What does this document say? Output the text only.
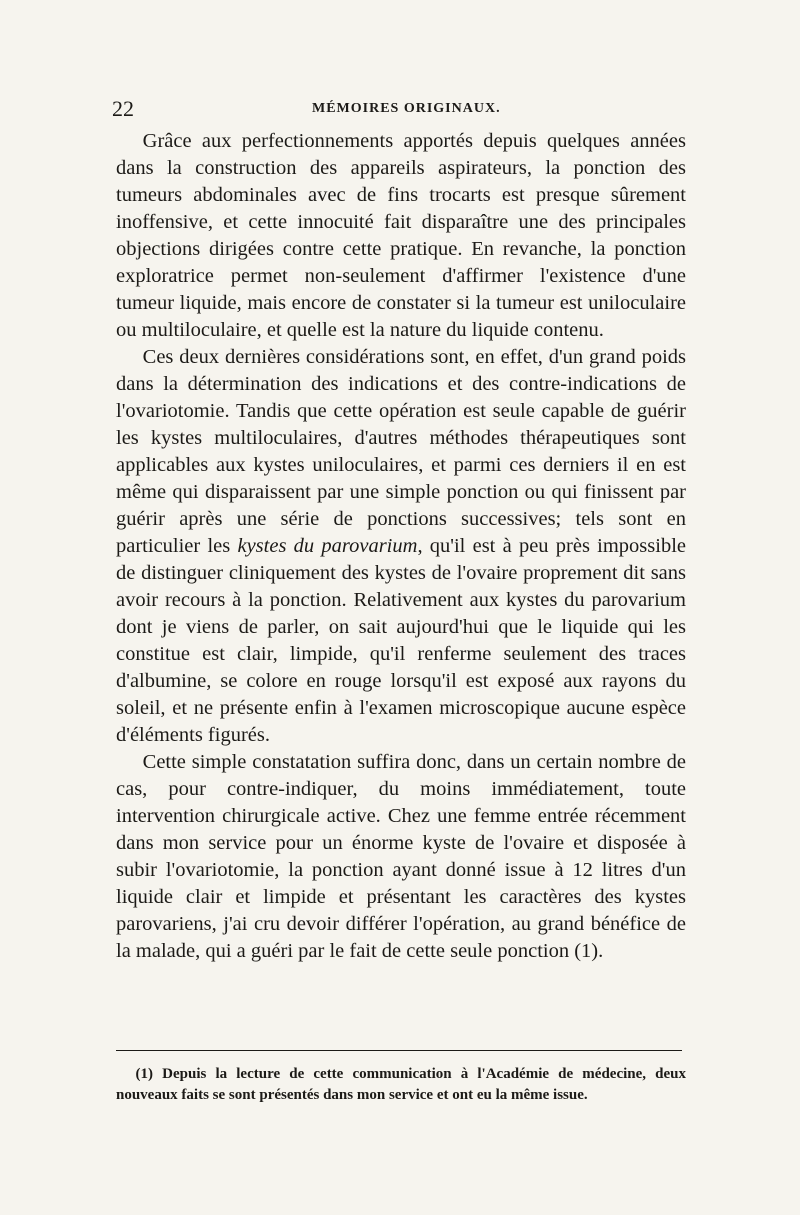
22	MÉMOIRES ORIGINAUX.

Grâce aux perfectionnements apportés depuis quelques années dans la construction des appareils aspirateurs, la ponction des tumeurs abdominales avec de fins trocarts est presque sûrement inoffensive, et cette innocuité fait disparaître une des principales objections dirigées contre cette pratique. En revanche, la ponction exploratrice permet non-seulement d'affirmer l'existence d'une tumeur liquide, mais encore de constater si la tumeur est uniloculaire ou multiloculaire, et quelle est la nature du liquide contenu.

Ces deux dernières considérations sont, en effet, d'un grand poids dans la détermination des indications et des contre-indications de l'ovariotomie. Tandis que cette opération est seule capable de guérir les kystes multiloculaires, d'autres méthodes thérapeutiques sont applicables aux kystes uniloculaires, et parmi ces derniers il en est même qui disparaissent par une simple ponction ou qui finissent par guérir après une série de ponctions successives; tels sont en particulier les kystes du parovarium, qu'il est à peu près impossible de distinguer cliniquement des kystes de l'ovaire proprement dit sans avoir recours à la ponction. Relativement aux kystes du parovarium dont je viens de parler, on sait aujourd'hui que le liquide qui les constitue est clair, limpide, qu'il renferme seulement des traces d'albumine, se colore en rouge lorsqu'il est exposé aux rayons du soleil, et ne présente enfin à l'examen microscopique aucune espèce d'éléments figurés.

Cette simple constatation suffira donc, dans un certain nombre de cas, pour contre-indiquer, du moins immédiatement, toute intervention chirurgicale active. Chez une femme entrée récemment dans mon service pour un énorme kyste de l'ovaire et disposée à subir l'ovariotomie, la ponction ayant donné issue à 12 litres d'un liquide clair et limpide et présentant les caractères des kystes parovariens, j'ai cru devoir différer l'opération, au grand bénéfice de la malade, qui a guéri par le fait de cette seule ponction (1).

(1) Depuis la lecture de cette communication à l'Académie de médecine, deux nouveaux faits se sont présentés dans mon service et ont eu la même issue.
